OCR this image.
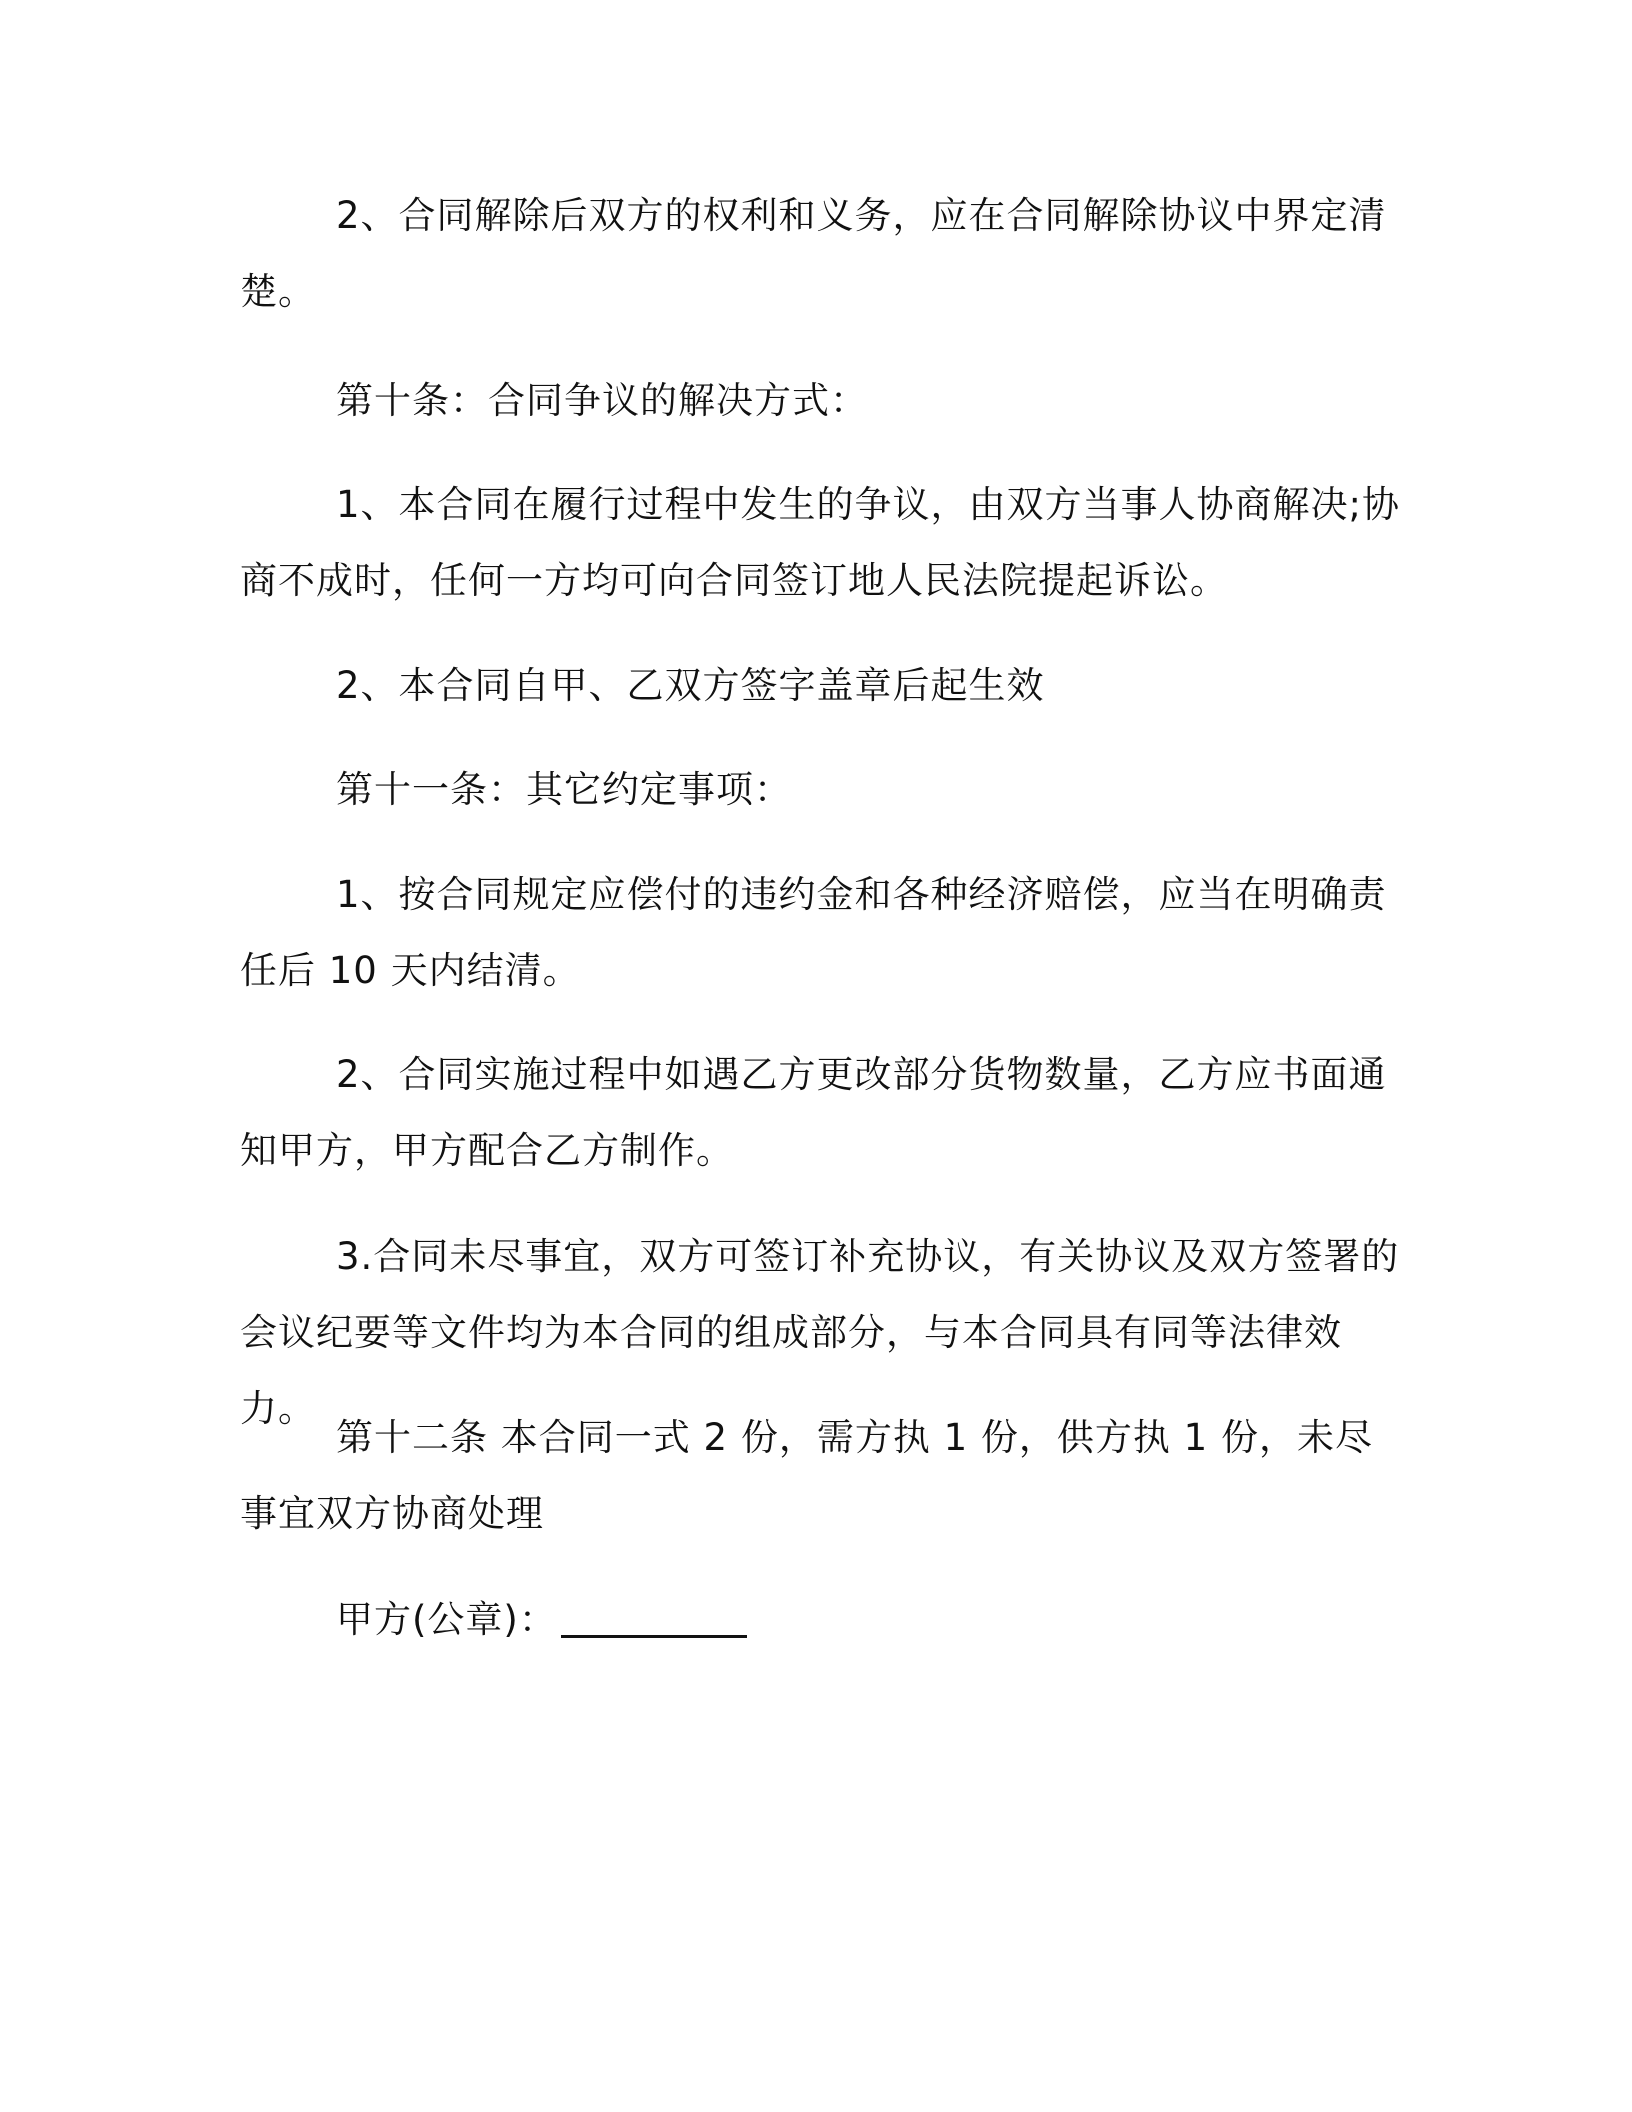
2、合同解除后双方的权利和义务，应在合同解除协议中界定清楚。

第十条：合同争议的解决方式：

1、本合同在履行过程中发生的争议，由双方当事人协商解决;协商不成时，任何一方均可向合同签订地人民法院提起诉讼。

2、本合同自甲、乙双方签字盖章后起生效

第十一条：其它约定事项：

1、按合同规定应偿付的违约金和各种经济赔偿，应当在明确责任后 10 天内结清。

2、合同实施过程中如遇乙方更改部分货物数量，乙方应书面通知甲方，甲方配合乙方制作。

3.合同未尽事宜，双方可签订补充协议，有关协议及双方签署的会议纪要等文件均为本合同的组成部分，与本合同具有同等法律效力。

第十二条 本合同一式 2 份，需方执 1 份，供方执 1 份，未尽事宜双方协商处理

甲方(公章)：
